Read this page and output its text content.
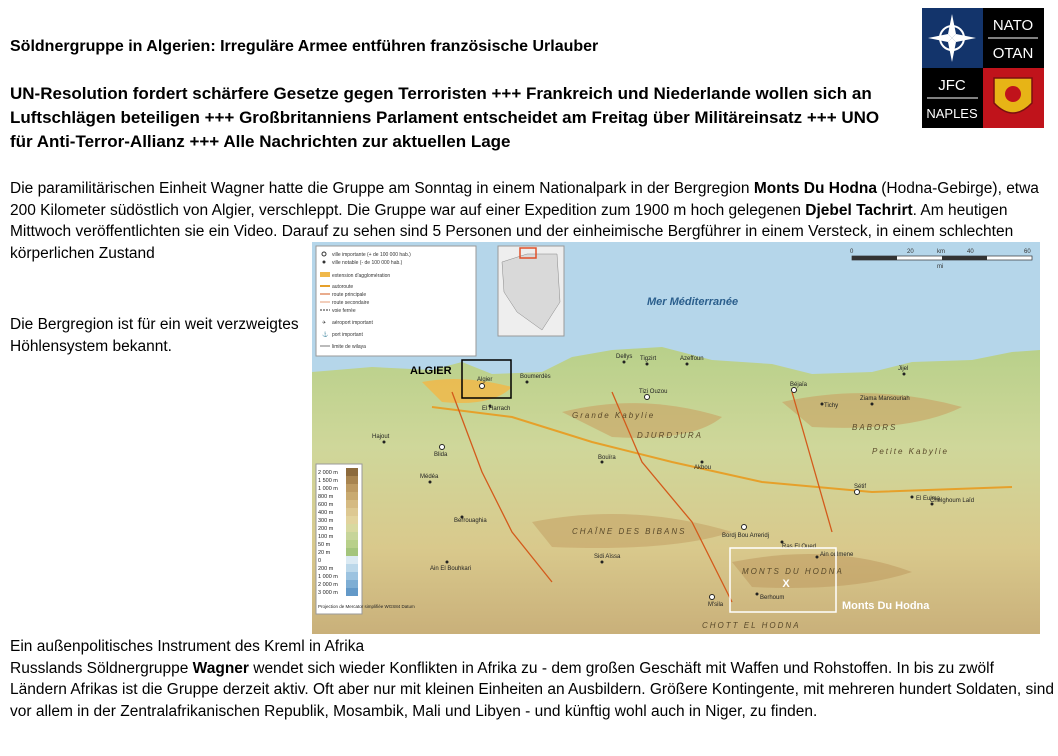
NATO
OTAN
JFC
NAPLES
Söldnergruppe in Algerien: Irreguläre Armee entführen französische Urlauber
UN-Resolution fordert schärfere Gesetze gegen Terroristen +++ Frankreich und Niederlande wollen sich an Luftschlägen beteiligen +++ Großbritanniens Parlament entscheidet am Freitag über Militäreinsatz +++ UNO für Anti-Terror-Allianz +++ Alle Nachrichten zur aktuellen Lage
Die paramilitärischen Einheit Wagner hatte die Gruppe am Sonntag in einem Nationalpark in der Bergregion Monts Du Hodna (Hodna-Gebirge), etwa 200 Kilometer südöstlich von Algier, verschleppt. Die Gruppe war auf einer Expedition zum 1900 m hoch gelegenen Djebel Tachrirt. Am heutigen Mittwoch veröffentlichten sie ein Video. Darauf zu sehen sind 5 Personen und der einheimische Bergführer in einem Versteck, in einem schlechten körperlichen Zustand

Die Bergregion ist für ein weit verzweigtes Höhlensystem bekannt.

ville importante (+ de 100 000 hab.)
ville notable (- de 100 000 hab.)
extension d'agglomération
autoroute
route principale
route secondaire
voie ferrée
✈ aéroport important
⚓ port important
limite de wilaya
0	20	40	60
km
mi
Mer Méditerranée
2 000 m
1 500 m
1 000 m
800 m
600 m
400 m
300 m
200 m
100 m
50 m
20 m
0
200 m
1 000 m
2 000 m
3 000 m
Projection de Mercator simplifiée WGS84 Datum
Grande Kabylie
DJURDJURA
BABORS
Petite Kabylie
CHAÎNE DES BIBANS
MONTS DU HODNA
CHOTT EL HODNA
Algier	Boumerdès
Dellys Tigzirt	Azeffoun
Tizi Ouzou
Béjaïa
Tichy
Jijel
Blida
Hajout
Médéa
Berrouaghia
Bouïra
Akbou
Sétif
El Eulma
Bordj Bou Arreridj
M'sila
Berhoum
Sidi Aïssa	Ain oulmene
Ras El Oued
Ain El Bouhkari
Chelghoum Laïd
Ziama Mansouriah
El Harrach
ALGIER
X
Monts Du Hodna

Ein außenpolitisches Instrument des Kreml in Afrika

Russlands Söldnergruppe Wagner wendet sich wieder Konflikten in Afrika zu - dem großen Geschäft mit Waffen und Rohstoffen. In bis zu zwölf Ländern Afrikas ist die Gruppe derzeit aktiv. Oft aber nur mit kleinen Einheiten an Ausbildern. Größere Kontingente, mit mehreren hundert Soldaten, sind vor allem in der Zentralafrikanischen Republik, Mosambik, Mali und Libyen - und künftig wohl auch in Niger, zu finden.
